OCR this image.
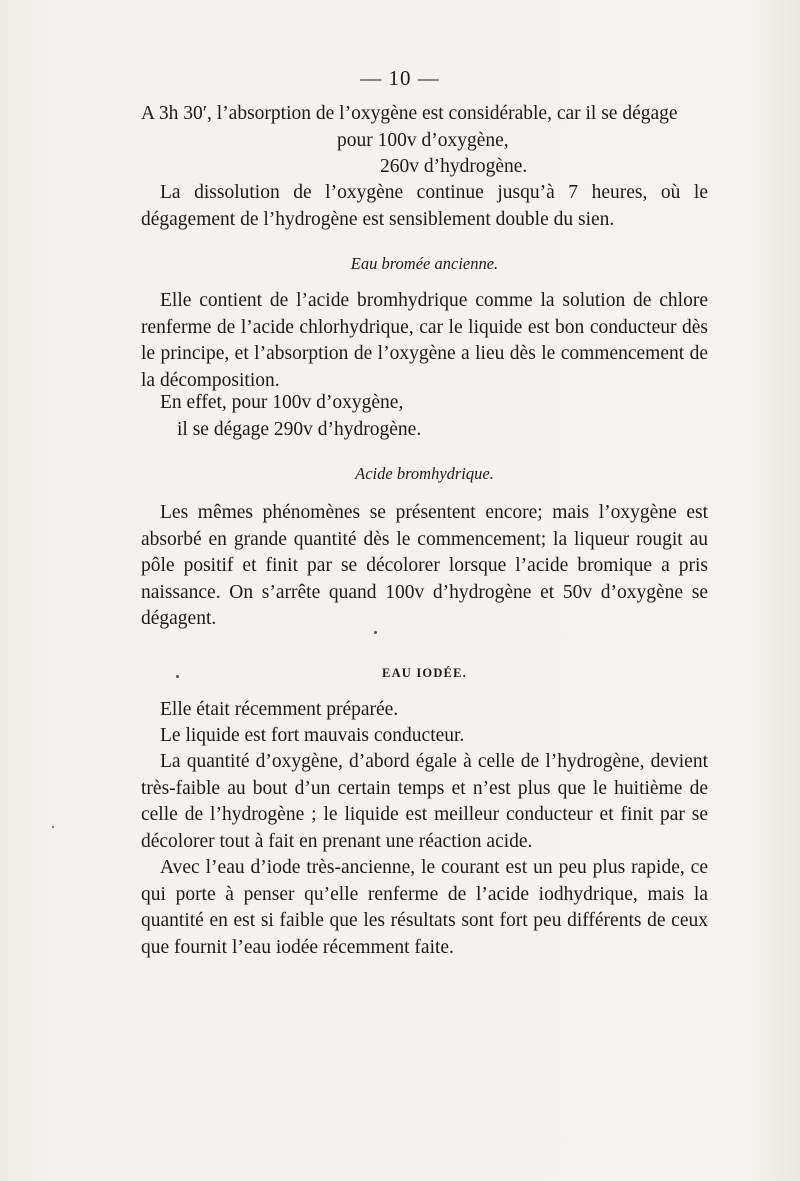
— 10 —
A 3h 30′, l’absorption de l’oxygène est considérable, car il se dégage
pour 100v d’oxygène,
260v d’hydrogène.

La dissolution de l’oxygène continue jusqu’à 7 heures, où le dégagement de l’hydrogène est sensiblement double du sien.

Eau bromée ancienne.

Elle contient de l’acide bromhydrique comme la solution de chlore renferme de l’acide chlorhydrique, car le liquide est bon conducteur dès le principe, et l’absorption de l’oxygène a lieu dès le commencement de la décomposition.

En effet, pour 100v d’oxygène,
il se dégage 290v d’hydrogène.

Acide bromhydrique.

Les mêmes phénomènes se présentent encore; mais l’oxygène est absorbé en grande quantité dès le commencement; la liqueur rougit au pôle positif et finit par se décolorer lorsque l’acide bromique a pris naissance. On s’arrête quand 100v d’hydrogène et 50v d’oxygène se dégagent.

EAU IODÉE.

Elle était récemment préparée.

Le liquide est fort mauvais conducteur.

La quantité d’oxygène, d’abord égale à celle de l’hydrogène, devient très-faible au bout d’un certain temps et n’est plus que le huitième de celle de l’hydrogène ; le liquide est meilleur conducteur et finit par se décolorer tout à fait en prenant une réaction acide.

Avec l’eau d’iode très-ancienne, le courant est un peu plus rapide, ce qui porte à penser qu’elle renferme de l’acide iodhydrique, mais la quantité en est si faible que les résultats sont fort peu différents de ceux que fournit l’eau iodée récemment faite.
